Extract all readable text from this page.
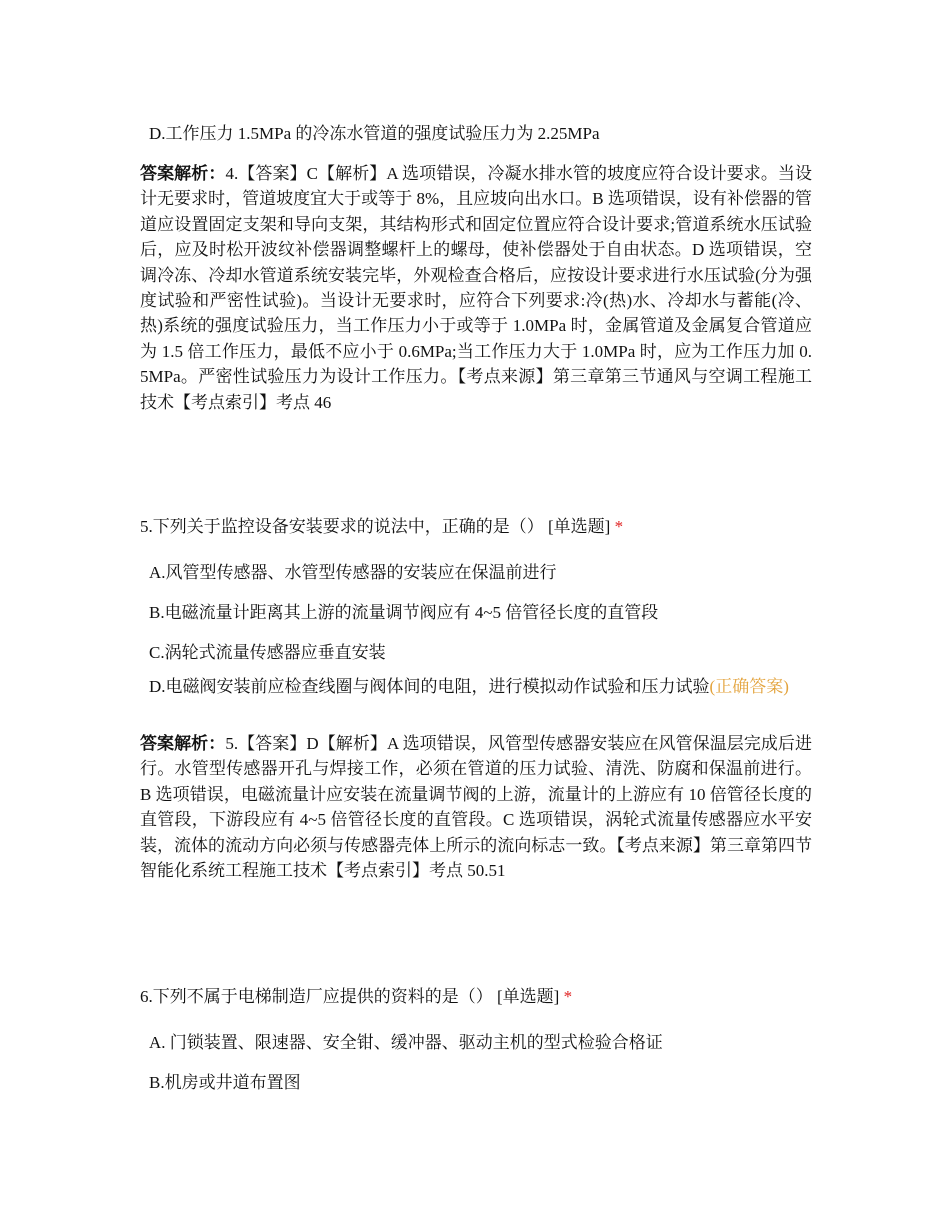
D.工作压力 1.5MPa 的冷冻水管道的强度试验压力为 2.25MPa
答案解析：4.【答案】C【解析】A 选项错误，冷凝水排水管的坡度应符合设计要求。当设计无要求时，管道坡度宜大于或等于 8%，且应坡向出水口。B 选项错误，设有补偿器的管道应设置固定支架和导向支架，其结构形式和固定位置应符合设计要求;管道系统水压试验后，应及时松开波纹补偿器调整螺杆上的螺母，使补偿器处于自由状态。D 选项错误，空调冷冻、冷却水管道系统安装完毕，外观检查合格后，应按设计要求进行水压试验(分为强度试验和严密性试验)。当设计无要求时，应符合下列要求:冷(热)水、冷却水与蓄能(冷、热)系统的强度试验压力，当工作压力小于或等于 1.0MPa 时，金属管道及金属复合管道应为 1.5 倍工作压力，最低不应小于 0.6MPa;当工作压力大于 1.0MPa 时，应为工作压力加 0.5MPa。严密性试验压力为设计工作压力。【考点来源】第三章第三节通风与空调工程施工技术【考点索引】考点 46
5.下列关于监控设备安装要求的说法中，正确的是（） [单选题] *
A.风管型传感器、水管型传感器的安装应在保温前进行
B.电磁流量计距离其上游的流量调节阀应有 4~5 倍管径长度的直管段
C.涡轮式流量传感器应垂直安装
D.电磁阀安装前应检查线圈与阀体间的电阻，进行模拟动作试验和压力试验(正确答案)
答案解析：5.【答案】D【解析】A 选项错误，风管型传感器安装应在风管保温层完成后进行。水管型传感器开孔与焊接工作，必须在管道的压力试验、清洗、防腐和保温前进行。B 选项错误，电磁流量计应安装在流量调节阀的上游，流量计的上游应有 10 倍管径长度的直管段，下游段应有 4~5 倍管径长度的直管段。C 选项错误，涡轮式流量传感器应水平安装，流体的流动方向必须与传感器壳体上所示的流向标志一致。【考点来源】第三章第四节智能化系统工程施工技术【考点索引】考点 50.51
6.下列不属于电梯制造厂应提供的资料的是（） [单选题] *
A. 门锁装置、限速器、安全钳、缓冲器、驱动主机的型式检验合格证
B.机房或井道布置图
